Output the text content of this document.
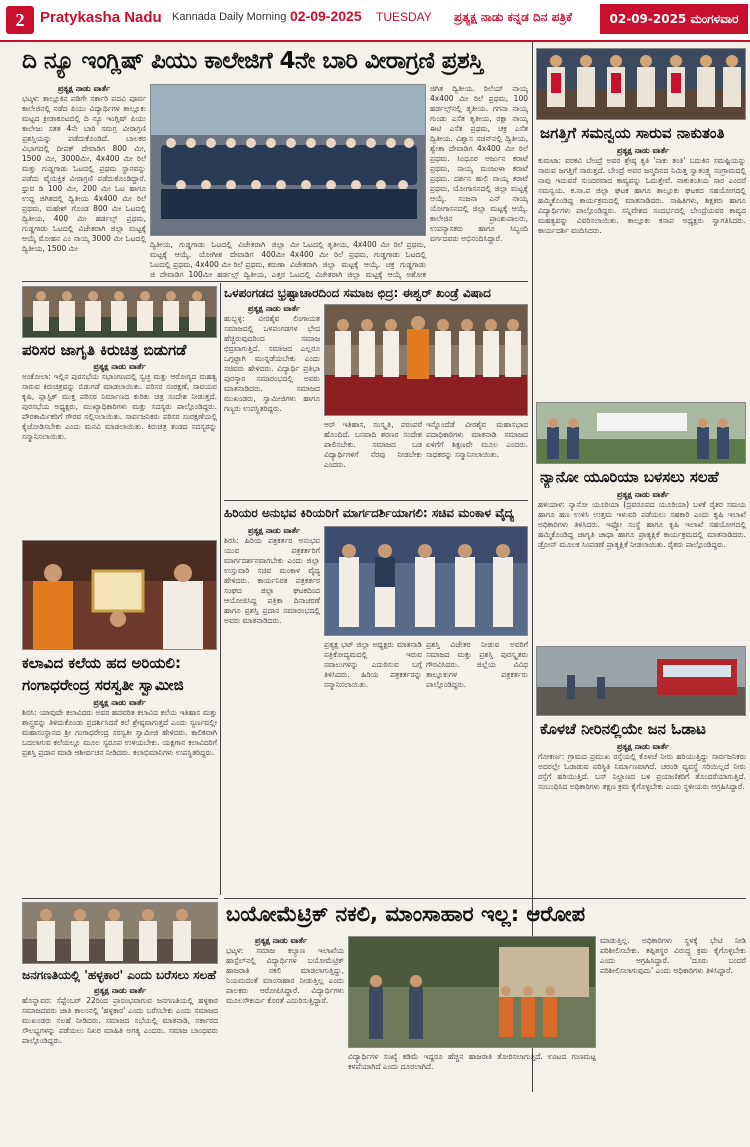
2	Pratykasha Nadu Kannada Daily Morning 02-09-2025 TUESDAY ಪ್ರತ್ಯಕ್ಷ ನಾಡು ಕನ್ನಡ ದಿನ ಪತ್ರಿಕೆ	02-09-2025 ಮಂಗಳವಾರ
ದಿ ನ್ಯೂ ಇಂಗ್ಲಿಷ್ ಪಿಯು ಕಾಲೇಜಿಗೆ 4ನೇ ಬಾರಿ ವೀರಾಗ್ರಣಿ ಪ್ರಶಸ್ತಿ
ಪ್ರತ್ಯಕ್ಷ ನಾಡು ವಾರ್ತೆ
ಭಟ್ಕಳ: ತಾಲ್ಲೂಕಿನ ಪಡಿಗೇ ಸರ್ಕಾರಿ ಪದವಿ ಪೂರ್ವ ಕಾಲೇಜಿನಲ್ಲಿ ನಡೆದ ಪಿಯು ವಿದ್ಯಾರ್ಥಿಗಳ ತಾಲ್ಲೂಕು ಮಟ್ಟದ ಕ್ರೀಡಾಕೂಟದಲ್ಲಿ ದಿ ನ್ಯೂ ಇಂಗ್ಲಿಷ್ ಪಿಯು ಕಾಲೇಜು ಸತತ 4ನೇ ಬಾರಿ ಸಮಗ್ರ ವೀರಾಗ್ರಣಿ ಪ್ರಶಸ್ತಿಯನ್ನು ಪಡೆದುಕೊಂಡಿದೆ. ಬಾಲಕರ ವಿಭಾಗದಲ್ಲಿ ದೀಪಕ್ ದೇವಾಡಿಗ 800 ಮೀ, 1500 ಮೀ, 3000ಮೀ, 4x400 ಮೀ ರಿಲೆ ಮತ್ತು ಗುಡ್ಡಗಾಡು ಓಟದಲ್ಲಿ ಪ್ರಥಮ ಸ್ಥಾನವನ್ನು ಪಡೆದು ವೈಯಕ್ತಿಕ ವೀರಾಗ್ರಣಿ ಪಡೆದುಕೊಂಡಿದ್ದಾರೆ. ಧ್ರುವ ಡಿ 100 ಮೀ, 200 ಮೀ ಓಟ ಹಾಗೂ ಉದ್ದ ಜಿಗಿತದಲ್ಲಿ ದ್ವಿತೀಯ 4x400 ಮೀ ರಿಲೆ ಪ್ರಥಮ, ಮಹೇಶ್ ಗೊಂಡ 800 ಮೀ ಓಟದಲ್ಲಿ ದ್ವಿತೀಯ, 400 ಮೀ ಹರ್ಡಲ್ಸ್ ಪ್ರಥಮ, ಗುಡ್ಡಗಾಡು ಓಟದಲ್ಲಿ ವಿಜೇತರಾಗಿ ಜಿಲ್ಲಾ ಮಟ್ಟಕ್ಕೆ ಆಯ್ಕೆ ಮೋಹನ ಎಂ ನಾಯ್ಕ 3000 ಮೀ ಓಟದಲ್ಲಿ ದ್ವಿತೀಯ, 1500 ಮೀ	ದ್ವಿತೀಯ, ಗುಡ್ಡಗಾಡು ಓಟದಲ್ಲಿ ವಿಜೇತರಾಗಿ ಜಿಲ್ಲಾ ಮಟ್ಟಕ್ಕೆ ಆಯ್ಕೆ. ಯೋಗೀಶ ದೇವಾಡಿಗ 400ಮೀ ಓಟದಲ್ಲಿ ಪ್ರಥಮ, 4x400 ಮೀ ರಿಲೆ ಪ್ರಥಮ, ಕರುಣಾ ಜಿ ದೇವಾಡಿಗ 100ಮೀ ಹರ್ಡಲ್ಸ್ ದ್ವಿತೀಯ, ಎತ್ತರ
ಮೀ ಓಟದಲ್ಲಿ ತೃತೀಯ, 4x400 ಮೀ ರಿಲೆ ಪ್ರಥಮ, 4x400 ಮೀ ರಿಲೆ ಪ್ರಥಮ, ಗುಡ್ಡಗಾಡು ಓಟದಲ್ಲಿ ವಿಜೇತರಾಗಿ ಜಿಲ್ಲಾ ಮಟ್ಟಕ್ಕೆ ಆಯ್ಕೆ. ಚಕ್ರ ಗುಡ್ಡಗಾಡು ಓಟದಲ್ಲಿ ವಿಜೇತರಾಗಿ ಜಿಲ್ಲಾ ಮಟ್ಟಕ್ಕೆ ಆಯ್ಕೆ ಅಶೋಕ
ಜಿಗಿತ ದ್ವಿತೀಯ. ರಿಲೆಯ್ ನಾಯ್ಕ 4x400 ಮೀ ರಿಲೆ ಪ್ರಥಮ, 100 ಹರ್ಡಲ್ಸ್‌ನಲ್ಲಿ ತೃತೀಯ. ಗಗನಾ ನಾಯ್ಕ ಗುಂಡು ಎಸೆತ ತೃತೀಯ, ರಕ್ಷಾ ನಾಯ್ಕ ಈಟಿ ಎಸೆತ ಪ್ರಥಮ, ಚಕ್ರ ಎಸೆತ ದ್ವಿತೀಯ. ವಿಶ್ವಾಸ ಸಚಿನ್‌ನಲ್ಲಿ ದ್ವಿತೀಯ, ಶ್ವೇತಾ ದೇವಾಡಿಗ 4x400 ಮೀ ರಿಲೆ ಪ್ರಥಮ. ಸಿಂಧೂರ ಅರ್ಜುನ ಕರಾಟೆ ಪ್ರಥಮ, ನಾಯ್ಕ ಮಂಜುಳಾ ಕರಾಟೆ ಪ್ರಥಮ. ದರ್ಶನ ಹುಲಿ ನಾಯ್ಕ ಕರಾಟೆ ಪ್ರಥಮ, ಯೋಗಾಸನದಲ್ಲಿ ಜಿಲ್ಲಾ ಮಟ್ಟಕ್ಕೆ ಆಯ್ಕೆ. ಸಂಜನಾ ಎನ್ ನಾಯ್ಕ ಯೋಗಾಸನದಲ್ಲಿ ಜಿಲ್ಲಾ ಮಟ್ಟಕ್ಕೆ ಆಯ್ಕೆ. ಕಾಲೇಜಿನ ಪ್ರಾಂಶುಪಾಲರು, ಉಪನ್ಯಾಸಕರು ಹಾಗೂ ಸಿಬ್ಬಂದಿ ವರ್ಗದವರು ಅಭಿನಂದಿಸಿದ್ದಾರೆ.
ಜಗತ್ತಿಗೆ ಸಮನ್ವಯ ಸಾರುವ ನಾಕುತಂತಿ
ಪ್ರತ್ಯಕ್ಷ ನಾಡು ವಾರ್ತೆ
ಕುಮಟಾ: ವರಕವಿ ಬೇಂದ್ರೆ ಅವರ ಶ್ರೇಷ್ಠ ಕೃತಿ 'ನಾಕು ತಂತಿ' ಬದುಕಿನ ಸಮಷ್ಟಿಯನ್ನು ಸಾರುವ ಜಗತ್ತಿಗೆ ಸಾರುತ್ತದೆ. ಬೇಂದ್ರೆ ಅವರ ಜನ್ಮದಿನದ ನಿಮಿತ್ತ ಸ್ವಾತಂತ್ರ್ಯ ಸಂಗ್ರಾಮದಲ್ಲಿ ನಾವು ಇದುವರೆ ಸುಂದರವಾದ ಕಾವ್ಯವನ್ನು ಓದುತ್ತೇವೆ. ನಾಕುತಂತಿಯ ಸಾರ ಎಂದರೆ ಸಮನ್ವಯ. ಕ.ಸಾ.ಪ ಜಿಲ್ಲಾ ಘಟಕ ಹಾಗೂ ತಾಲ್ಲೂಕು ಘಟಕದ ಸಹಯೋಗದಲ್ಲಿ ಹಮ್ಮಿಕೊಂಡಿದ್ದ ಕಾರ್ಯಕ್ರಮದಲ್ಲಿ ಮಾತನಾಡಿದರು. ಸಾಹಿತಿಗಳು, ಶಿಕ್ಷಕರು ಹಾಗೂ ವಿದ್ಯಾರ್ಥಿಗಳು ಪಾಲ್ಗೊಂಡಿದ್ದರು. ಸನ್ನಿವೇಶದ ಸಂದರ್ಭದಲ್ಲಿ ಬೇಂದ್ರೆಯವರ ಕಾವ್ಯದ ಮಹತ್ವವನ್ನು ವಿವರಿಸಲಾಯಿತು. ತಾಲ್ಲೂಕು ಕಸಾಪ ಅಧ್ಯಕ್ಷರು ಸ್ವಾಗತಿಸಿದರು. ಕಾರ್ಯದರ್ಶಿ ವಂದಿಸಿದರು.
ಪರಿಸರ ಜಾಗೃತಿ ಕಿರುಚಿತ್ರ ಬಿಡುಗಡೆ
ಪ್ರತ್ಯಕ್ಷ ನಾಡು ವಾರ್ತೆ
ಅಂಕೋಲಾ: ಇಲ್ಲಿನ ಪುರಸಭೆಯ ಸಭಾಂಗಣದಲ್ಲಿ ಸ್ವಚ್ಛ ಮತ್ತು ಆರೋಗ್ಯದ ಮಹತ್ವ ಸಾರುವ ಕಿರುಚಿತ್ರವನ್ನು ಬಿಡುಗಡೆ ಮಾಡಲಾಯಿತು. ಪರಿಸರ ಸಂರಕ್ಷಣೆ, ಸಾವಯವ ಕೃಷಿ, ಪ್ಲಾಸ್ಟಿಕ್ ಮುಕ್ತ ಪರಿಸರ ನಿರ್ಮಾಣದ ಕುರಿತು ಚಿತ್ರ ಸಂದೇಶ ನೀಡುತ್ತದೆ. ಪುರಸಭೆಯ ಅಧ್ಯಕ್ಷರು, ಮುಖ್ಯಾಧಿಕಾರಿಗಳು ಮತ್ತು ಸದಸ್ಯರು ಪಾಲ್ಗೊಂಡಿದ್ದರು. ಪೌರಕಾರ್ಮಿಕರಿಗೆ ಗೌರವ ಸಲ್ಲಿಸಲಾಯಿತು. ಸಾರ್ವಜನಿಕರು ಪರಿಸರ ಸಂರಕ್ಷಣೆಯಲ್ಲಿ ಕೈಜೋಡಿಸಬೇಕು ಎಂದು ಮನವಿ ಮಾಡಲಾಯಿತು. ಕಿರುಚಿತ್ರ ತಂಡದ ಸದಸ್ಯರನ್ನು ಸನ್ಮಾನಿಸಲಾಯಿತು.
ಒಳಪಂಗಡದ ಭ್ರಷ್ಟಾಚಾರದಿಂದ ಸಮಾಜ ಛಿದ್ರ: ಈಶ್ವರ್ ಖಂಡ್ರೆ ವಿಷಾದ
ಪ್ರತ್ಯಕ್ಷ ನಾಡು ವಾರ್ತೆ
ಹುಬ್ಬಳ್ಳಿ: ವೀರಶೈವ ಲಿಂಗಾಯತ ಸಮಾಜದಲ್ಲಿ ಒಳಪಂಗಡಗಳ ಭೇದ ಹೆಚ್ಚಿರುವುದರಿಂದ ಸಮಾಜ ಛಿದ್ರವಾಗುತ್ತಿದೆ. ಸಮಾಜದ ಎಲ್ಲರೂ ಒಗ್ಗಟ್ಟಾಗಿ ಮುನ್ನಡೆಯಬೇಕು ಎಂದು ಸಚಿವರು ಹೇಳಿದರು. ವಿದ್ಯಾರ್ಥಿ ಪ್ರತಿಭಾ ಪುರಸ್ಕಾರ ಸಮಾರಂಭದಲ್ಲಿ ಅವರು ಮಾತನಾಡಿದರು. ಸಮಾಜದ ಮುಖಂಡರು, ಸ್ವಾಮೀಜಿಗಳು ಹಾಗೂ ಗಣ್ಯರು ಉಪಸ್ಥಿತರಿದ್ದರು.
ಆರ್ ಇತಿಹಾಸ, ಸಂಸ್ಕೃತಿ, ಪರಂಪರೆ ಹೊಂದಿದೆ. ಬಸವಾದಿ ಶರಣರ ಸಂದೇಶ ಪಾಲಿಸಬೇಕು. ಸಮಾಜದ ಬಡ ವಿದ್ಯಾರ್ಥಿಗಳಿಗೆ ನೆರವು ನೀಡಬೇಕು ಎಂದರು.
ಇನ್ನೊಂದೆಡೆ ವೀರಶೈವ ಮಹಾಸಭಾದ ಪದಾಧಿಕಾರಿಗಳು ಮಾತನಾಡಿ ಸಮಾಜದ ಏಳಿಗೆಗೆ ಶಿಕ್ಷಣವೇ ಮೂಲ ಎಂದರು. ಸಾಧಕರನ್ನು ಸನ್ಮಾನಿಸಲಾಯಿತು.
ನ್ಯಾನೋ ಯೂರಿಯಾ ಬಳಸಲು ಸಲಹೆ
ಪ್ರತ್ಯಕ್ಷ ನಾಡು ವಾರ್ತೆ
ಹಳಿಯಾಳ: ನ್ಯಾನೋ ಯೂರಿಯಾ (ದ್ರವರೂಪದ ಯೂರಿಯಾ) ಬಳಕೆ ರೈತರ ಸಮಯ ಹಾಗೂ ಹಣ ಉಳಿಸಿ ಉತ್ತಮ ಇಳುವರಿ ಪಡೆಯಲು ಸಹಕಾರಿ ಎಂದು ಕೃಷಿ ಇಲಾಖೆ ಅಧಿಕಾರಿಗಳು ತಿಳಿಸಿದರು. ಇಫ್ಕೋ ಸಂಸ್ಥೆ ಹಾಗೂ ಕೃಷಿ ಇಲಾಖೆ ಸಹಯೋಗದಲ್ಲಿ ಹಮ್ಮಿಕೊಂಡಿದ್ದ ಜಾಗೃತಿ ಜಾಥಾ ಹಾಗೂ ಪ್ರಾತ್ಯಕ್ಷಿಕೆ ಕಾರ್ಯಕ್ರಮದಲ್ಲಿ ಮಾತನಾಡಿದರು. ಡ್ರೋನ್ ಮೂಲಕ ಸಿಂಪಡಣೆ ಪ್ರಾತ್ಯಕ್ಷಿಕೆ ನೀಡಲಾಯಿತು. ರೈತರು ಪಾಲ್ಗೊಂಡಿದ್ದರು.
ಕಲಾವಿದ ಕಲೆಯ ಹದ ಅರಿಯಲಿ:
ಗಂಗಾಧರೇಂದ್ರ ಸರಸ್ವತೀ ಸ್ವಾಮೀಜಿ
ಪ್ರತ್ಯಕ್ಷ ನಾಡು ವಾರ್ತೆ
ಶಿರಸಿ: ಯಾವುದೇ ಕಲಾವಿದರು ಅವರ ಹದವರಿತ ಕಲಾವಿದ ಕಲೆಯ ಇತಿಹಾಸ ಮತ್ತು ಶಾಸ್ತ್ರವನ್ನು ತಿಳಿದುಕೊಂಡು ಪ್ರದರ್ಶಿಸಿದರೆ ಕಲೆ ಶ್ರೇಷ್ಠವಾಗುತ್ತದೆ ಎಂದು ಸ್ವರ್ಣವಲ್ಲೀ ಮಹಾಸಂಸ್ಥಾನದ ಶ್ರೀ ಗಂಗಾಧರೇಂದ್ರ ಸರಸ್ವತೀ ಸ್ವಾಮೀಜಿ ಹೇಳಿದರು. ಕಾಲಿಕವಾಗಿ ಬದಲಾಗುವ ಕಲೆಯಲ್ಲೂ ಮೂಲ ಸ್ವರೂಪ ಉಳಿಯಬೇಕು. ಯಕ್ಷಗಾನ ಕಲಾವಿದರಿಗೆ ಪ್ರಶಸ್ತಿ ಪ್ರದಾನ ಮಾಡಿ ಆಶೀರ್ವಚನ ನೀಡಿದರು. ಕಲಾಭಿಮಾನಿಗಳು ಉಪಸ್ಥಿತರಿದ್ದರು.
ಹಿರಿಯರ ಅನುಭವ ಕಿರಿಯರಿಗೆ ಮಾರ್ಗದರ್ಶಿಯಾಗಲಿ: ಸಚಿವ ಮಂಕಾಳ ವೈದ್ಯ
ಪ್ರತ್ಯಕ್ಷ ನಾಡು ವಾರ್ತೆ
ಶಿರಸಿ: ಹಿರಿಯ ಪತ್ರಕರ್ತರ ಅನುಭವ ಯುವ ಪತ್ರಕರ್ತರಿಗೆ ಮಾರ್ಗದರ್ಶನವಾಗಬೇಕು ಎಂದು ಜಿಲ್ಲಾ ಉಸ್ತುವಾರಿ ಸಚಿವ ಮಂಕಾಳ ವೈದ್ಯ ಹೇಳಿದರು. ಕಾರ್ಯನಿರತ ಪತ್ರಕರ್ತರ ಸಂಘದ ಜಿಲ್ಲಾ ಘಟಕದಿಂದ ಆಯೋಜಿಸಿದ್ದ ಪತ್ರಿಕಾ ದಿನಾಚರಣೆ ಹಾಗೂ ಪ್ರಶಸ್ತಿ ಪ್ರದಾನ ಸಮಾರಂಭದಲ್ಲಿ ಅವರು ಮಾತನಾಡಿದರು.
ಪ್ರತ್ಯಕ್ಷ ಭಟ್ ಜಿಲ್ಲಾ ಅಧ್ಯಕ್ಷರು ಮಾತನಾಡಿ ಪತ್ರಿಕೋದ್ಯಮದಲ್ಲಿ ಇರುವ ಸವಾಲುಗಳನ್ನು ಎದುರಿಸುವ ಬಗ್ಗೆ ತಿಳಿಸಿದರು. ಹಿರಿಯ ಪತ್ರಕರ್ತರನ್ನು ಸನ್ಮಾನಿಸಲಾಯಿತು.
ಪ್ರಶಸ್ತಿ ವಿಜೇತರ ನೀಡುವ ಅವರಿಗೆ ಸಮಾಜದ ಮತ್ತು ಪ್ರಶಸ್ತಿ ಪುರಸ್ಕೃತರು ಗೌರವಿಸಿದರು. ಜಿಲ್ಲೆಯ ವಿವಿಧ ತಾಲ್ಲೂಕುಗಳ ಪತ್ರಕರ್ತರು ಪಾಲ್ಗೊಂಡಿದ್ದರು.
ಕೊಳಚೆ ನೀರಿನಲ್ಲಿಯೇ ಜನ ಓಡಾಟ
ಪ್ರತ್ಯಕ್ಷ ನಾಡು ವಾರ್ತೆ
ಗೋಕರ್ಣ: ಗ್ರಾಮದ ಪ್ರಮುಖ ರಸ್ತೆಯಲ್ಲಿ ಕೊಳಚೆ ನೀರು ಹರಿಯುತ್ತಿದ್ದು ಸಾರ್ವಜನಿಕರು ಅದರಲ್ಲೇ ಓಡಾಡುವ ಪರಿಸ್ಥಿತಿ ನಿರ್ಮಾಣವಾಗಿದೆ. ಚರಂಡಿ ವ್ಯವಸ್ಥೆ ಸರಿಯಿಲ್ಲದೆ ನೀರು ರಸ್ತೆಗೆ ಹರಿಯುತ್ತಿದೆ. ಬಸ್ ನಿಲ್ದಾಣದ ಬಳಿ ಪ್ರಯಾಣಿಕರಿಗೆ ತೊಂದರೆಯಾಗುತ್ತಿದೆ. ಸಂಬಂಧಿಸಿದ ಅಧಿಕಾರಿಗಳು ತಕ್ಷಣ ಕ್ರಮ ಕೈಗೊಳ್ಳಬೇಕು ಎಂದು ಸ್ಥಳೀಯರು ಆಗ್ರಹಿಸಿದ್ದಾರೆ.
ಬಯೋಮೆಟ್ರಿಕ್ ನಕಲಿ, ಮಾಂಸಾಹಾರ ಇಲ್ಲ: ಆರೋಪ
ಪ್ರತ್ಯಕ್ಷ ನಾಡು ವಾರ್ತೆ
ಭಟ್ಕಳ: ಸಮಾಜ ಕಲ್ಯಾಣ ಇಲಾಖೆಯ ಹಾಸ್ಟೆಲ್‌ನಲ್ಲಿ ವಿದ್ಯಾರ್ಥಿಗಳ ಬಯೋಮೆಟ್ರಿಕ್ ಹಾಜರಾತಿ ನಕಲಿ ಮಾಡಲಾಗುತ್ತಿದ್ದು, ನಿಯಮದಂತೆ ಮಾಂಸಾಹಾರ ನೀಡುತ್ತಿಲ್ಲ ಎಂದು ಪಾಲಕರು ಆರೋಪಿಸಿದ್ದಾರೆ. ವಿದ್ಯಾರ್ಥಿಗಳು ಮೂಲಸೌಕರ್ಯ ಕೊರತೆ ಎದುರಿಸುತ್ತಿದ್ದಾರೆ.
ವಿದ್ಯಾರ್ಥಿಗಳ ಸಂಖ್ಯೆ ಕಡಿಮೆ ಇದ್ದರೂ ಹೆಚ್ಚಿನ ಹಾಜರಾತಿ ತೋರಿಸಲಾಗುತ್ತಿದೆ. ಊಟದ ಗುಣಮಟ್ಟ ಕಳಪೆಯಾಗಿದೆ ಎಂದು ದೂರಲಾಗಿದೆ.
ಮಾಡುತ್ತಿಲ್ಲ. ಅಧಿಕಾರಿಗಳು ಸ್ಥಳಕ್ಕೆ ಭೇಟಿ ನೀಡಿ ಪರಿಶೀಲಿಸಬೇಕು. ತಪ್ಪಿತಸ್ಥರ ವಿರುದ್ಧ ಕ್ರಮ ಕೈಗೊಳ್ಳಬೇಕು ಎಂದು ಆಗ್ರಹಿಸಿದ್ದಾರೆ. 'ದೂರು ಬಂದರೆ ಪರಿಶೀಲಿಸಲಾಗುವುದು' ಎಂದು ಅಧಿಕಾರಿಗಳು ತಿಳಿಸಿದ್ದಾರೆ.
ಜನಗಣತಿಯಲ್ಲಿ 'ಹಳ್ಳಕಾರ' ಎಂದು ಬರೆಸಲು ಸಲಹೆ
ಪ್ರತ್ಯಕ್ಷ ನಾಡು ವಾರ್ತೆ
ಹೊನ್ನಾವರ: ಸೆಪ್ಟೆಂಬರ್ 22ರಿಂದ ಪ್ರಾರಂಭವಾಗುವ ಜನಗಣತಿಯಲ್ಲಿ ಹಳ್ಳಕಾರ ಸಮಾಜದವರು ಜಾತಿ ಕಾಲಂನಲ್ಲಿ 'ಹಳ್ಳಕಾರ' ಎಂದು ಬರೆಸಬೇಕು ಎಂದು ಸಮಾಜದ ಮುಖಂಡರು ಸಲಹೆ ನೀಡಿದರು. ಸಮಾಜದ ಸಭೆಯಲ್ಲಿ ಮಾತನಾಡಿ, ಸರ್ಕಾರದ ಸೌಲಭ್ಯಗಳನ್ನು ಪಡೆಯಲು ನಿಖರ ಮಾಹಿತಿ ಅಗತ್ಯ ಎಂದರು. ಸಮಾಜ ಬಾಂಧವರು ಪಾಲ್ಗೊಂಡಿದ್ದರು.
